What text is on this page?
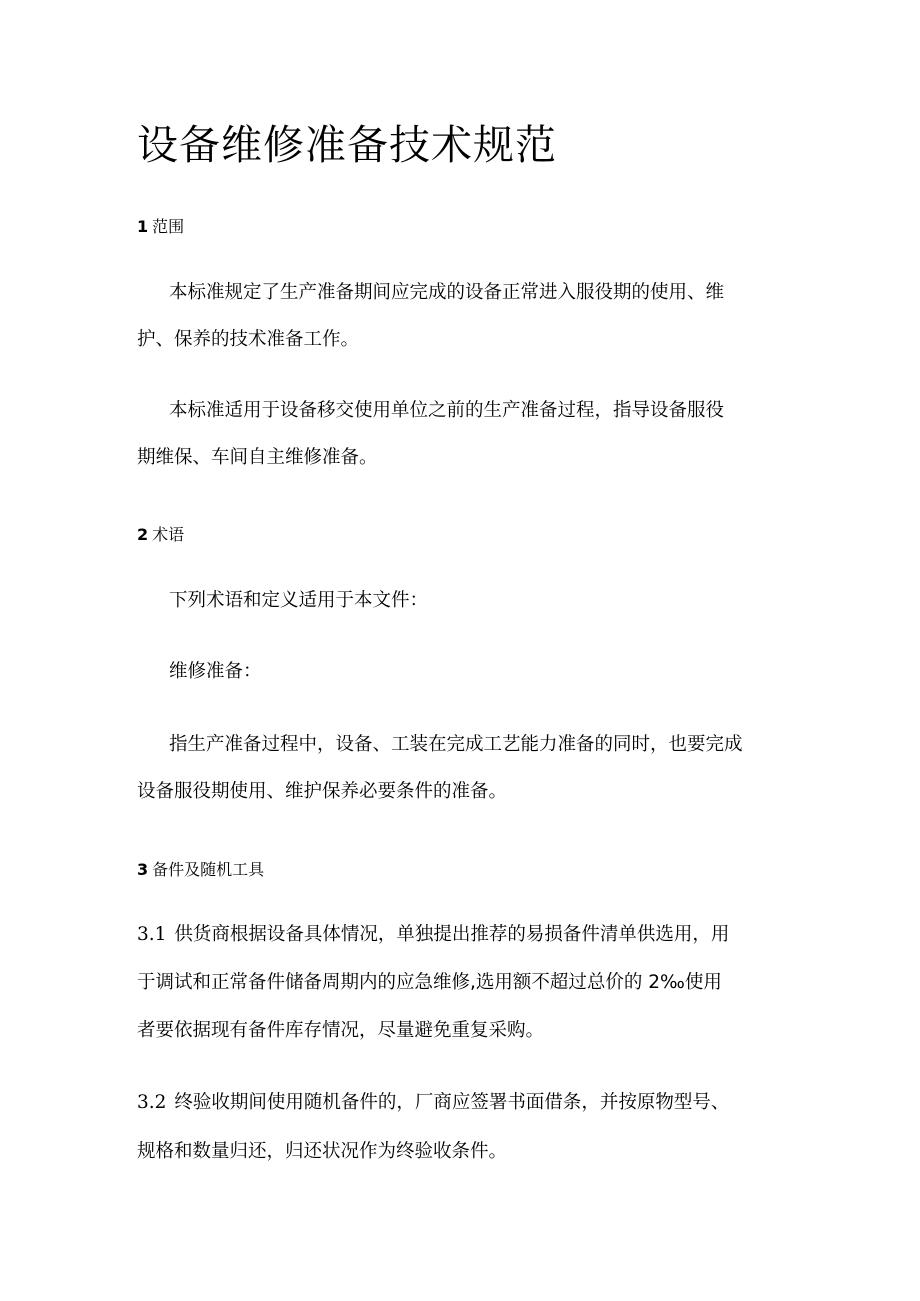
设备维修准备技术规范
1 范围
本标准规定了生产准备期间应完成的设备正常进入服役期的使用、维
护、保养的技术准备工作。
本标准适用于设备移交使用单位之前的生产准备过程，指导设备服役
期维保、车间自主维修准备。
2 术语
下列术语和定义适用于本文件：
维修准备：
指生产准备过程中，设备、工装在完成工艺能力准备的同时，也要完成
设备服役期使用、维护保养必要条件的准备。
3 备件及随机工具
3.1 供货商根据设备具体情况，单独提出推荐的易损备件清单供选用，用
于调试和正常备件储备周期内的应急维修,选用额不超过总价的 2‰使用
者要依据现有备件库存情况，尽量避免重复采购。
3.2 终验收期间使用随机备件的，厂商应签署书面借条，并按原物型号、
规格和数量归还，归还状况作为终验收条件。
